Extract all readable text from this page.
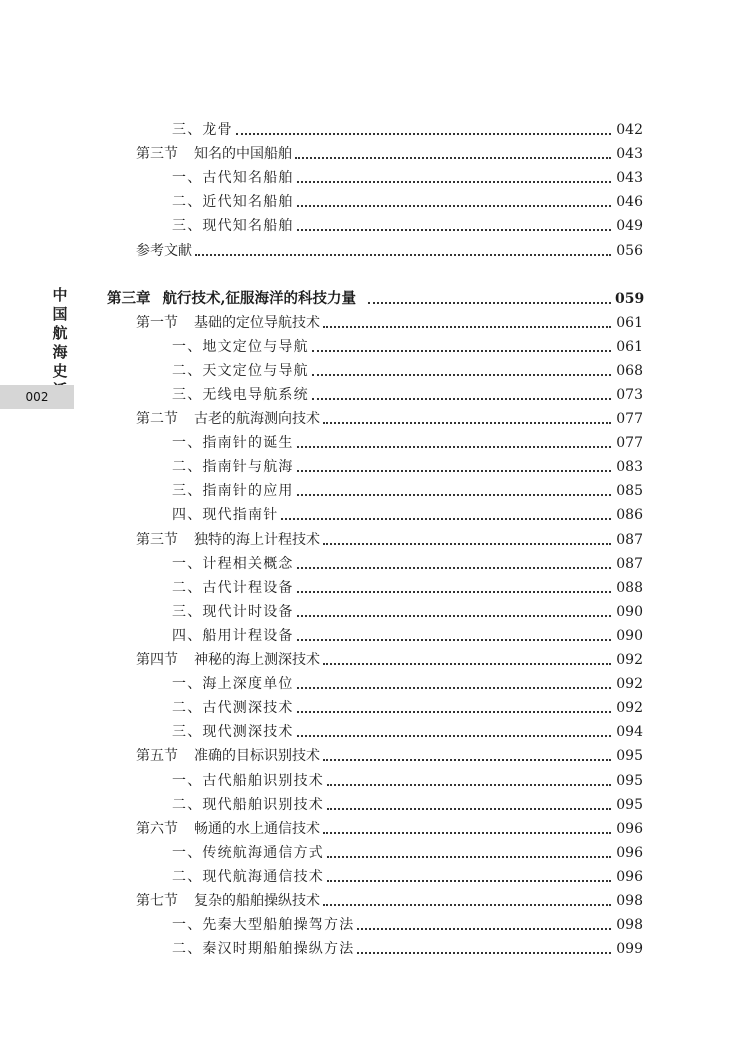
中
国
航
海
史
002
三、龙骨	042
第三节 知名的中国船舶	043
一、古代知名船舶	043
二、近代知名船舶	046
三、现代知名船舶	049
参考文献	056
第三章 航行技术,征服海洋的科技力量	059
第一节 基础的定位导航技术	061
一、地文定位与导航	061
二、天文定位与导航	068
三、无线电导航系统	073
第二节 古老的航海测向技术	077
一、指南针的诞生	077
二、指南针与航海	083
三、指南针的应用	085
四、现代指南针	086
第三节 独特的海上计程技术	087
一、计程相关概念	087
二、古代计程设备	088
三、现代计时设备	090
四、船用计程设备	090
第四节 神秘的海上测深技术	092
一、海上深度单位	092
二、古代测深技术	092
三、现代测深技术	094
第五节 准确的目标识别技术	095
一、古代船舶识别技术	095
二、现代船舶识别技术	095
第六节 畅通的水上通信技术	096
一、传统航海通信方式	096
二、现代航海通信技术	096
第七节 复杂的船舶操纵技术	098
一、先秦大型船舶操驾方法	098
二、秦汉时期船舶操纵方法	099
